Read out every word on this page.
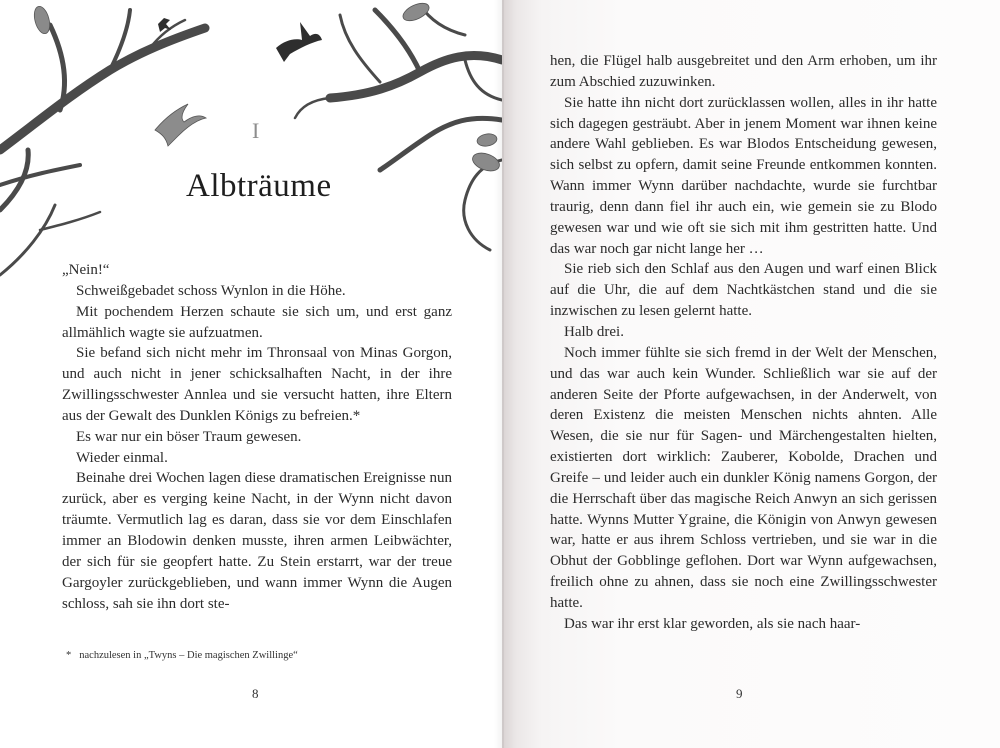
I
Albträume

„Nein!“

Schweißgebadet schoss Wynlon in die Höhe.

Mit pochendem Herzen schaute sie sich um, und erst ganz allmählich wagte sie aufzuatmen.

Sie befand sich nicht mehr im Thronsaal von Minas Gorgon, und auch nicht in jener schicksalhaften Nacht, in der ihre Zwillingsschwester Annlea und sie versucht hatten, ihre Eltern aus der Gewalt des Dunklen Königs zu befreien.*

Es war nur ein böser Traum gewesen.

Wieder einmal.

Beinahe drei Wochen lagen diese dramatischen Ereignisse nun zurück, aber es verging keine Nacht, in der Wynn nicht davon träumte. Vermutlich lag es daran, dass sie vor dem Einschlafen immer an Blodowin denken musste, ihren armen Leibwächter, der sich für sie geopfert hatte. Zu Stein erstarrt, war der treue Gargoyler zurückgeblieben, und wann immer Wynn die Augen schloss, sah sie ihn dort ste-

* nachzulesen in „Twyns – Die magischen Zwillinge“
8

hen, die Flügel halb ausgebreitet und den Arm erhoben, um ihr zum Abschied zuzuwinken.

Sie hatte ihn nicht dort zurücklassen wollen, alles in ihr hatte sich dagegen gesträubt. Aber in jenem Moment war ihnen keine andere Wahl geblieben. Es war Blodos Entscheidung gewesen, sich selbst zu opfern, damit seine Freunde entkommen konnten. Wann immer Wynn darüber nachdachte, wurde sie furchtbar traurig, denn dann fiel ihr auch ein, wie gemein sie zu Blodo gewesen war und wie oft sie sich mit ihm gestritten hatte. Und das war noch gar nicht lange her …

Sie rieb sich den Schlaf aus den Augen und warf einen Blick auf die Uhr, die auf dem Nachtkästchen stand und die sie inzwischen zu lesen gelernt hatte.

Halb drei.

Noch immer fühlte sie sich fremd in der Welt der Menschen, und das war auch kein Wunder. Schließlich war sie auf der anderen Seite der Pforte aufgewachsen, in der Anderwelt, von deren Existenz die meisten Menschen nichts ahnten. Alle Wesen, die sie nur für Sagen- und Märchengestalten hielten, existierten dort wirklich: Zauberer, Kobolde, Drachen und Greife – und leider auch ein dunkler König namens Gorgon, der die Herrschaft über das magische Reich Anwyn an sich gerissen hatte. Wynns Mutter Ygraine, die Königin von Anwyn gewesen war, hatte er aus ihrem Schloss vertrieben, und sie war in die Obhut der Gobblinge geflohen. Dort war Wynn aufgewachsen, freilich ohne zu ahnen, dass sie noch eine Zwillingsschwester hatte.

Das war ihr erst klar geworden, als sie nach haar-

9
